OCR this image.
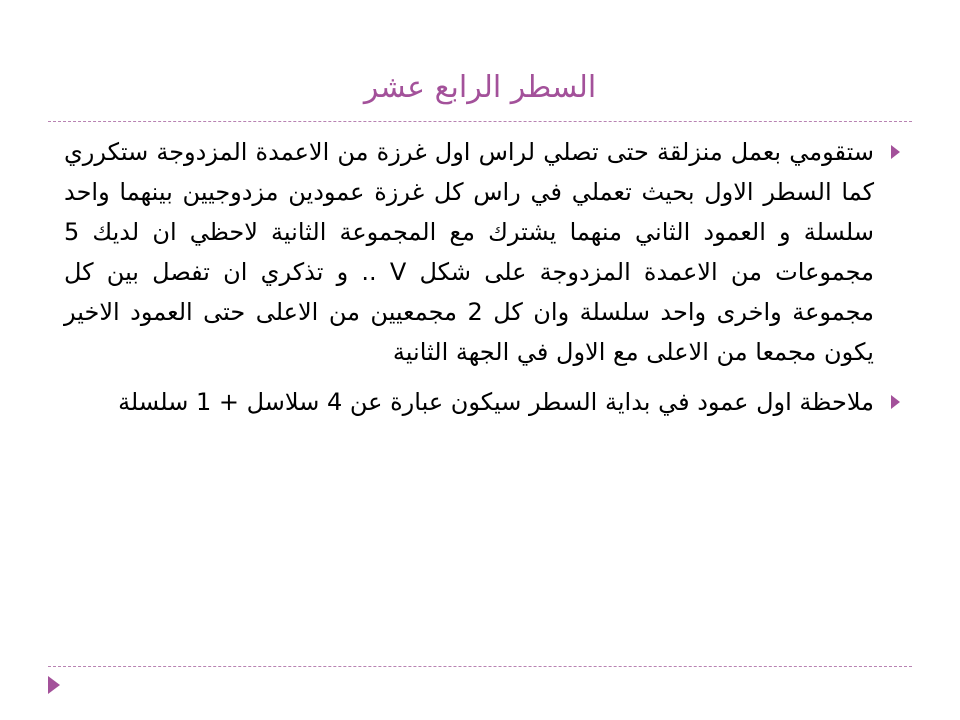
السطر الرابع عشر

ستقومي بعمل منزلقة حتى تصلي لراس اول غرزة من الاعمدة المزدوجة ستكرري كما السطر الاول بحيث تعملي في راس كل غرزة عمودين مزدوجيين بينهما واحد سلسلة و العمود الثاني منهما يشترك مع المجموعة الثانية لاحظي ان لديك 5 مجموعات من الاعمدة المزدوجة على شكل V .. و تذكري ان تفصل بين كل مجموعة واخرى واحد سلسلة وان كل 2 مجمعيين من الاعلى حتى العمود الاخير يكون مجمعا من الاعلى مع الاول في الجهة الثانية

ملاحظة اول عمود في بداية السطر سيكون عبارة عن 4 سلاسل + 1 سلسلة
